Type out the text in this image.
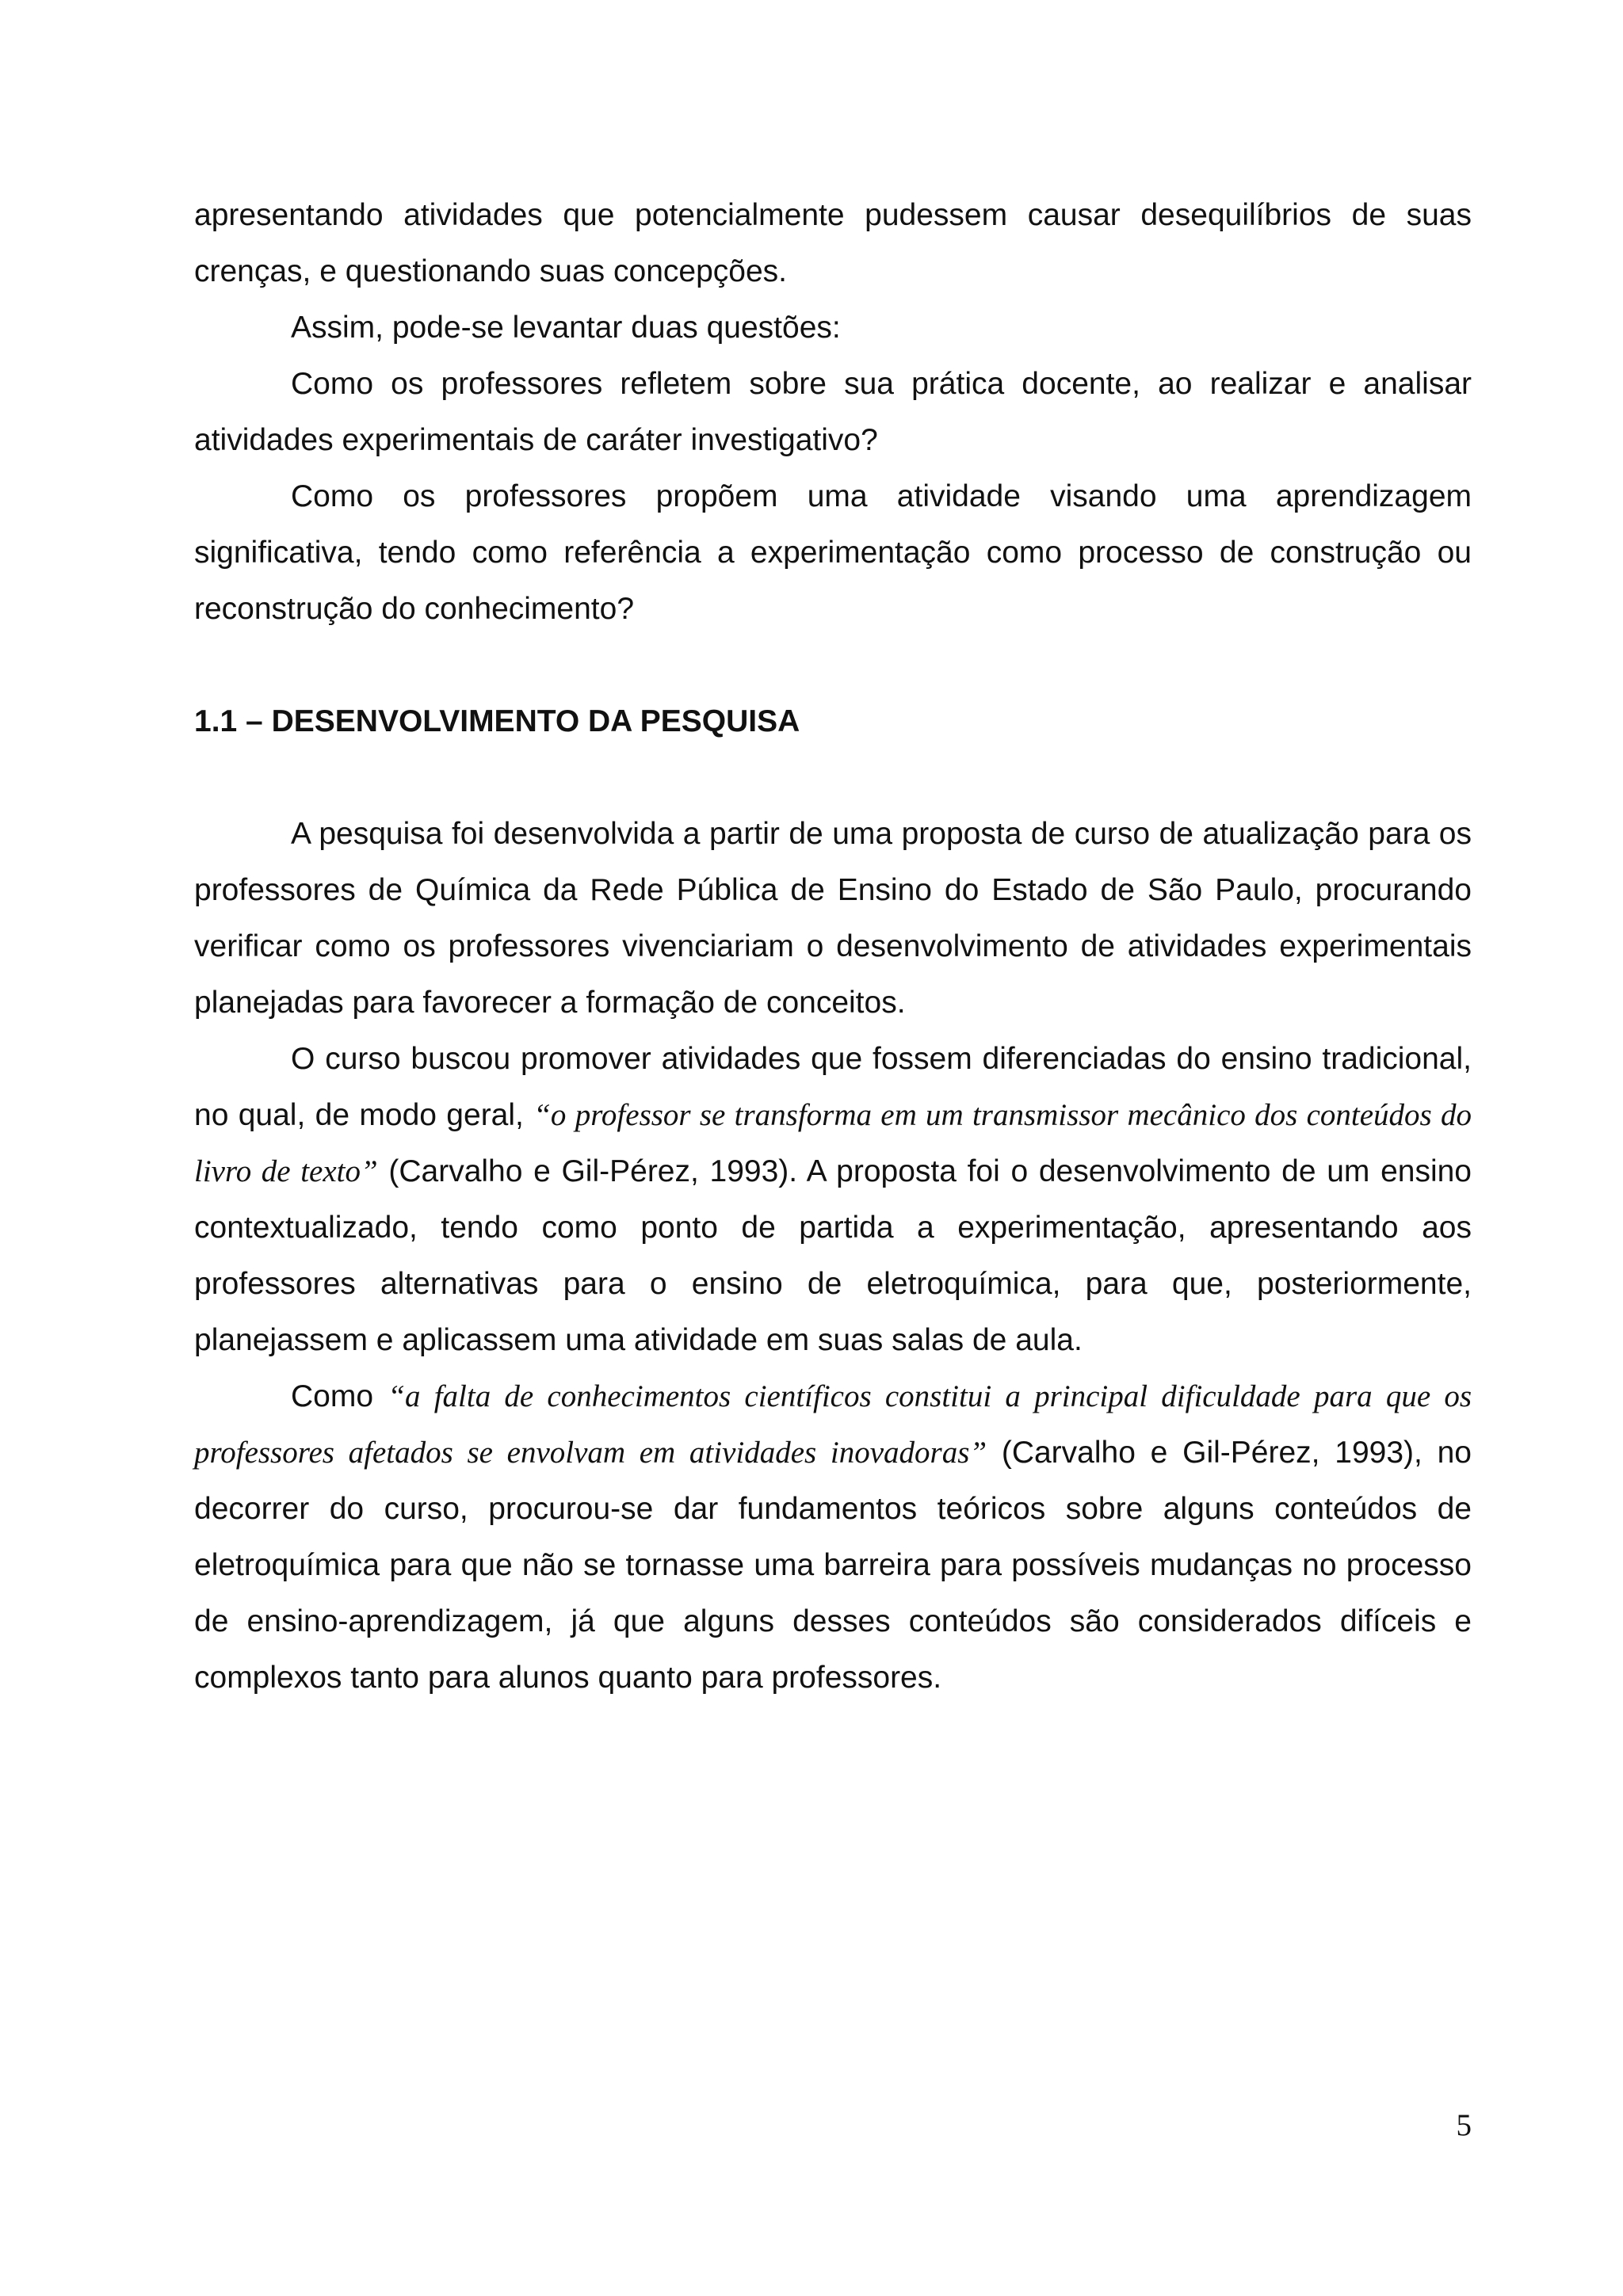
apresentando atividades que potencialmente pudessem causar desequilíbrios de suas crenças, e questionando suas concepções.

Assim, pode-se levantar duas questões:

Como os professores refletem sobre sua prática docente, ao realizar e analisar atividades experimentais de caráter investigativo?

Como os professores propõem uma atividade visando uma aprendizagem significativa, tendo como referência a experimentação como processo de construção ou reconstrução do conhecimento?

1.1 – DESENVOLVIMENTO DA PESQUISA

A pesquisa foi desenvolvida a partir de uma proposta de curso de atualização para os professores de Química da Rede Pública de Ensino do Estado de São Paulo, procurando verificar como os professores vivenciariam o desenvolvimento de atividades experimentais planejadas para favorecer a formação de conceitos.

O curso buscou promover atividades que fossem diferenciadas do ensino tradicional, no qual, de modo geral, “o professor se transforma em um transmissor mecânico dos conteúdos do livro de texto” (Carvalho e Gil-Pérez, 1993). A proposta foi o desenvolvimento de um ensino contextualizado, tendo como ponto de partida a experimentação, apresentando aos professores alternativas para o ensino de eletroquímica, para que, posteriormente, planejassem e aplicassem uma atividade em suas salas de aula.

Como “a falta de conhecimentos científicos constitui a principal dificuldade para que os professores afetados se envolvam em atividades inovadoras” (Carvalho e Gil-Pérez, 1993), no decorrer do curso, procurou-se dar fundamentos teóricos sobre alguns conteúdos de eletroquímica para que não se tornasse uma barreira para possíveis mudanças no processo de ensino-aprendizagem, já que alguns desses conteúdos são considerados difíceis e complexos tanto para alunos quanto para professores.

5
